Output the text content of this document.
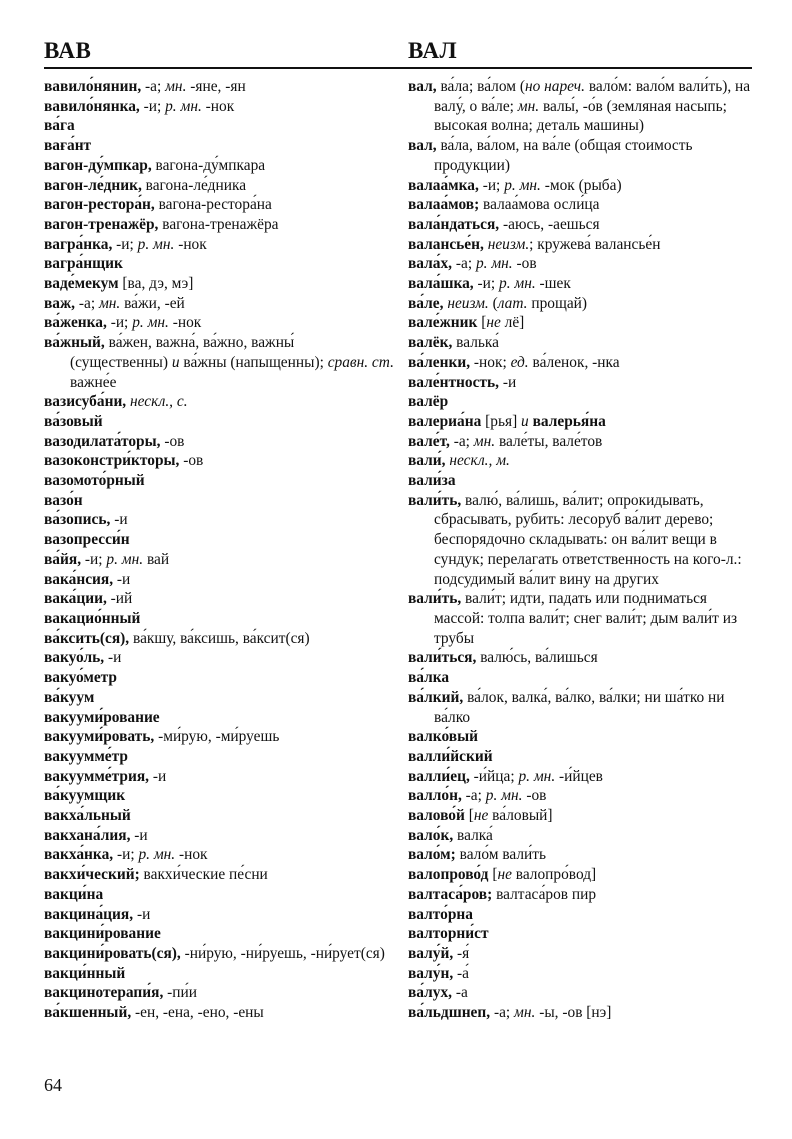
ВАВ	ВАЛ
вавило́нянин, -а; мн. -яне, -ян
вавило́нянка, -и; р. мн. -нок
ва́га
ваға́нт
вагон-ду́мпкар, вагона-ду́мпкара
вагон-ле́дник, вагона-ле́дника
вагон-рестора́н, вагона-рестора́на
вагон-тренажёр, вагона-тренажёра
вагра́нка, -и; р. мн. -нок
вагра́нщик
ваде́мекум [ва, дэ, мэ]
важ, -а; мн. ва́жи, -ей
ва́женка, -и; р. мн. -нок
ва́жный, ва́жен, важна́, ва́жно, важны́ (существенны) и ва́жны (напыщенны); сравн. ст. важне́е
вазисуба́ни, нескл., с.
ва́зовый
вазодилата́торы, -ов
вазоконстри́кторы, -ов
вазомото́рный
вазо́н
ва́зопись, -и
вазопресси́н
ва́йя, -и; р. мн. вай
вака́нсия, -и
вака́ции, -ий
вакацио́нный
ва́ксить(ся), ва́кшу, ва́ксишь, ва́ксит(ся)
вакуо́ль, -и
вакуо́метр
ва́куум
вакууми́рование
вакууми́ровать, -ми́рую, -ми́руешь
вакуумме́тр
вакуумме́трия, -и
ва́куумщик
вакха́льный
вакхана́лия, -и
вакха́нка, -и; р. мн. -нок
вакхи́ческий; вакхи́ческие пе́сни
вакци́на
вакцина́ция, -и
вакцини́рование
вакцини́ровать(ся), -ни́рую, -ни́руешь, -ни́рует(ся)
вакци́нный
вакцинотерапи́я, -пи́и
ва́кшенный, -ен, -ена, -ено, -ены
вал, ва́ла; ва́лом (но нареч. вало́м: вало́м вали́ть), на валу́, о ва́ле; мн. валы́, -о́в (земляная насыпь; высокая волна; деталь машины)
вал, ва́ла, ва́лом, на ва́ле (общая стоимость продукции)
валаа́мка, -и; р. мн. -мок (рыба)
валаа́мов; валаа́мова осли́ца
вала́ндаться, -аюсь, -аешься
валансье́н, неизм.; кружева́ валансье́н
вала́х, -а; р. мн. -ов
вала́шка, -и; р. мн. -шек
ва́ле, неизм. (лат. прощай)
вале́жник [не лё]
валёк, валька́
ва́ленки, -нок; ед. ва́ленок, -нка
вале́нтность, -и
валёр
валериа́на [рья] и валерья́на
вале́т, -а; мн. вале́ты, вале́тов
вали́, нескл., м.
вали́за
вали́ть, валю́, ва́лишь, ва́лит; опрокидывать, сбрасывать, рубить: лесоруб ва́лит дерево; беспорядочно складывать: он ва́лит вещи в сундук; перелагать ответственность на кого-л.: подсудимый ва́лит вину на других
вали́ть, вали́т; идти, падать или подниматься массой: толпа вали́т; снег вали́т; дым вали́т из трубы
вали́ться, валю́сь, ва́лишься
ва́лка
ва́лкий, ва́лок, валка́, ва́лко, ва́лки; ни ша́тко ни ва́лко
валко́вый
валли́йский
валли́ец, -и́йца; р. мн. -и́йцев
валло́н, -а; р. мн. -ов
валово́й [не ва́ловый]
вало́к, валка́
вало́м; вало́м вали́ть
валопрово́д [не валопро́вод]
валтаса́ров; валтаса́ров пир
валто́рна
валторни́ст
валу́й, -я́
валу́н, -а́
ва́лух, -а
ва́льдшнеп, -а; мн. -ы, -ов [нэ]
64
